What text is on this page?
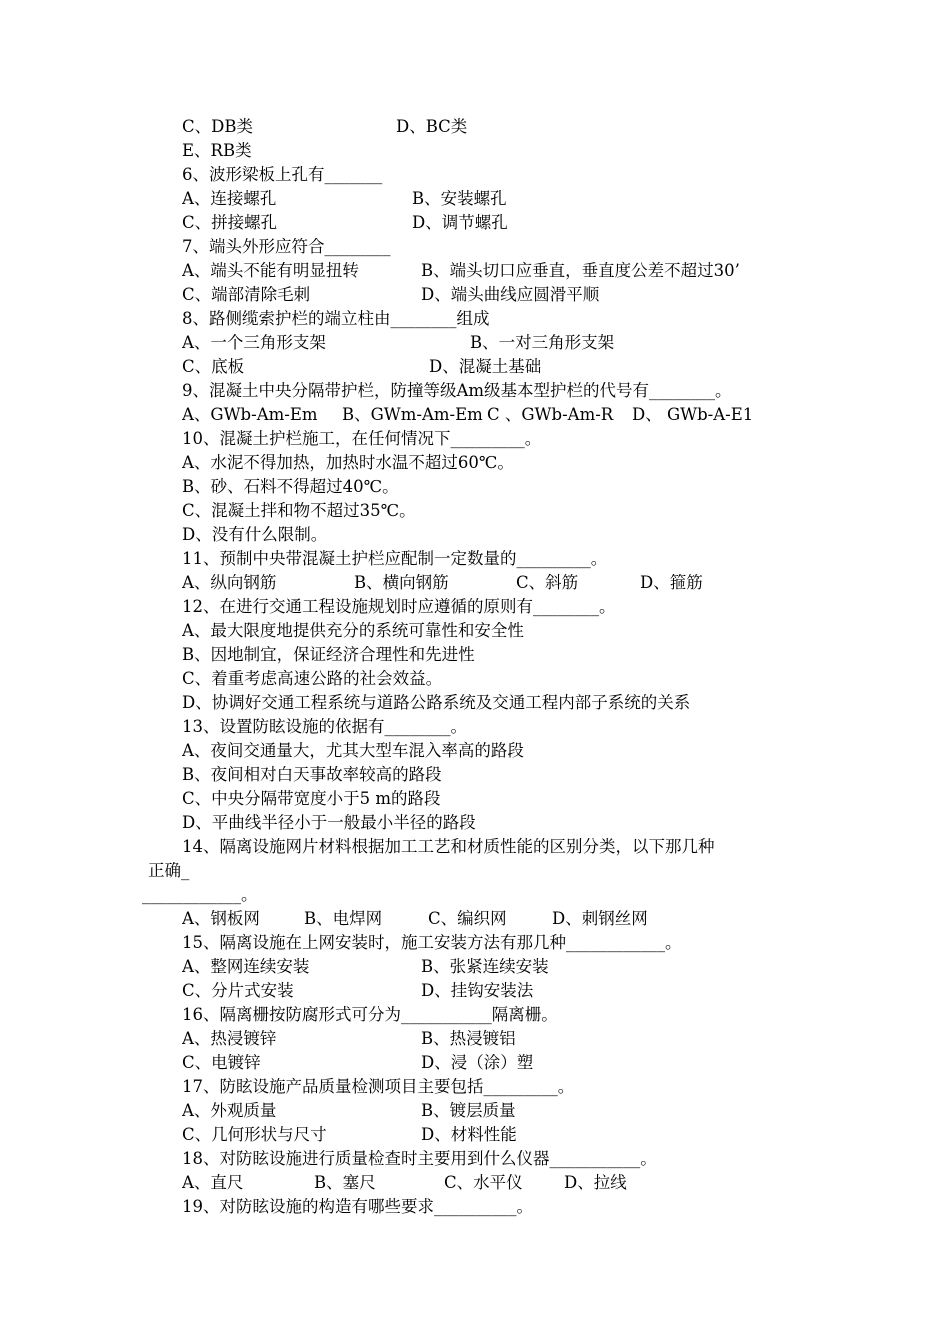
C、DB类	D、BC类
E、RB类
6、波形梁板上孔有_______
A、连接螺孔	B、安装螺孔
C、拼接螺孔	D、调节螺孔
7、端头外形应符合________
A、端头不能有明显扭转	B、端头切口应垂直，垂直度公差不超过30’
C、端部清除毛刺	D、端头曲线应圆滑平顺
8、路侧缆索护栏的端立柱由________组成
A、一个三角形支架	B、一对三角形支架
C、底板	D、混凝土基础
9、混凝土中央分隔带护栏，防撞等级Am级基本型护栏的代号有________。
A、GWb-Am-Em B、GWm-Am-Em C 、GWb-Am-R D、 GWb-A-E1
10、混凝土护栏施工，在任何情况下_________。
A、水泥不得加热，加热时水温不超过60℃。
B、砂、石料不得超过40℃。
C、混凝土拌和物不超过35℃。
D、没有什么限制。
11、预制中央带混凝土护栏应配制一定数量的_________。
A、纵向钢筋	B、横向钢筋	C、斜筋	D、箍筋
12、在进行交通工程设施规划时应遵循的原则有________。
A、最大限度地提供充分的系统可靠性和安全性
B、因地制宜，保证经济合理性和先进性
C、着重考虑高速公路的社会效益。
D、协调好交通工程系统与道路公路系统及交通工程内部子系统的关系
13、设置防眩设施的依据有________。
A、夜间交通量大，尤其大型车混入率高的路段
B、夜间相对白天事故率较高的路段
C、中央分隔带宽度小于5 m的路段
D、平曲线半径小于一般最小半径的路段
14、隔离设施网片材料根据加工工艺和材质性能的区别分类，以下那几种
正确_
____________。
A、钢板网	B、电焊网	C、编织网	D、刺钢丝网
15、隔离设施在上网安装时，施工安装方法有那几种____________。
A、整网连续安装	B、张紧连续安装
C、分片式安装	D、挂钩安装法
16、隔离栅按防腐形式可分为___________隔离栅。
A、热浸镀锌	B、热浸镀铝
C、电镀锌	D、浸（涂）塑
17、防眩设施产品质量检测项目主要包括_________。
A、外观质量	B、镀层质量
C、几何形状与尺寸	D、材料性能
18、对防眩设施进行质量检查时主要用到什么仪器___________。
A、直尺	B、塞尺	C、水平仪	D、拉线
19、对防眩设施的构造有哪些要求__________。
